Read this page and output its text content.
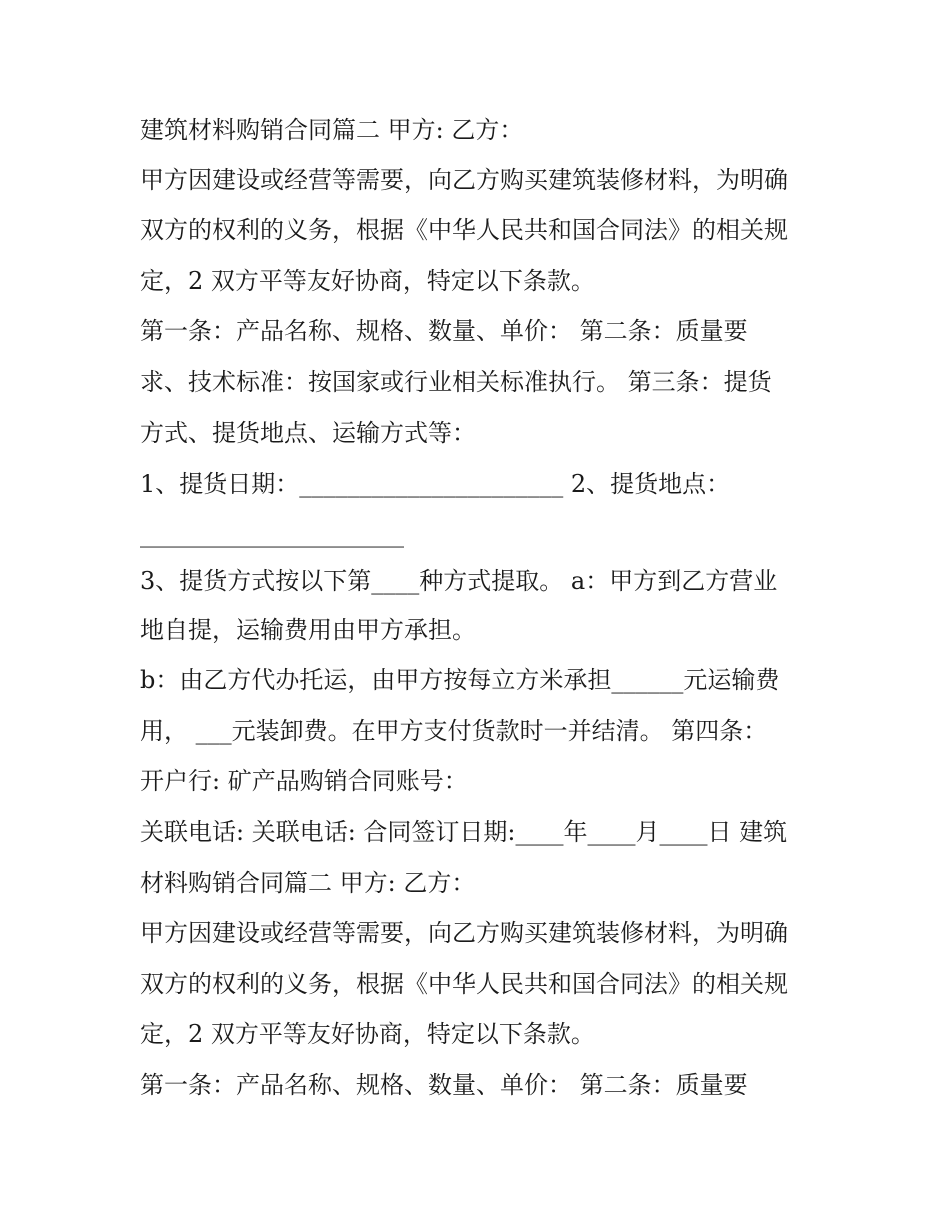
建筑材料购销合同篇二 甲方: 乙方：
甲方因建设或经营等需要，向乙方购买建筑装修材料，为明确
双方的权利的义务，根据《中华人民共和国合同法》的相关规
定，2 双方平等友好协商，特定以下条款。
第一条：产品名称、规格、数量、单价： 第二条：质量要
求、技术标准：按国家或行业相关标准执行。 第三条：提货
方式、提货地点、运输方式等：
1、提货日期：______________________ 2、提货地点：
______________________
3、提货方式按以下第____种方式提取。 a：甲方到乙方营业
地自提，运输费用由甲方承担。
b：由乙方代办托运，由甲方按每立方米承担______元运输费
用， ___元装卸费。在甲方支付货款时一并结清。 第四条：
开户行: 矿产品购销合同账号：
关联电话: 关联电话: 合同签订日期:____年____月____日 建筑
材料购销合同篇二 甲方: 乙方：
甲方因建设或经营等需要，向乙方购买建筑装修材料，为明确
双方的权利的义务，根据《中华人民共和国合同法》的相关规
定，2 双方平等友好协商，特定以下条款。
第一条：产品名称、规格、数量、单价： 第二条：质量要
